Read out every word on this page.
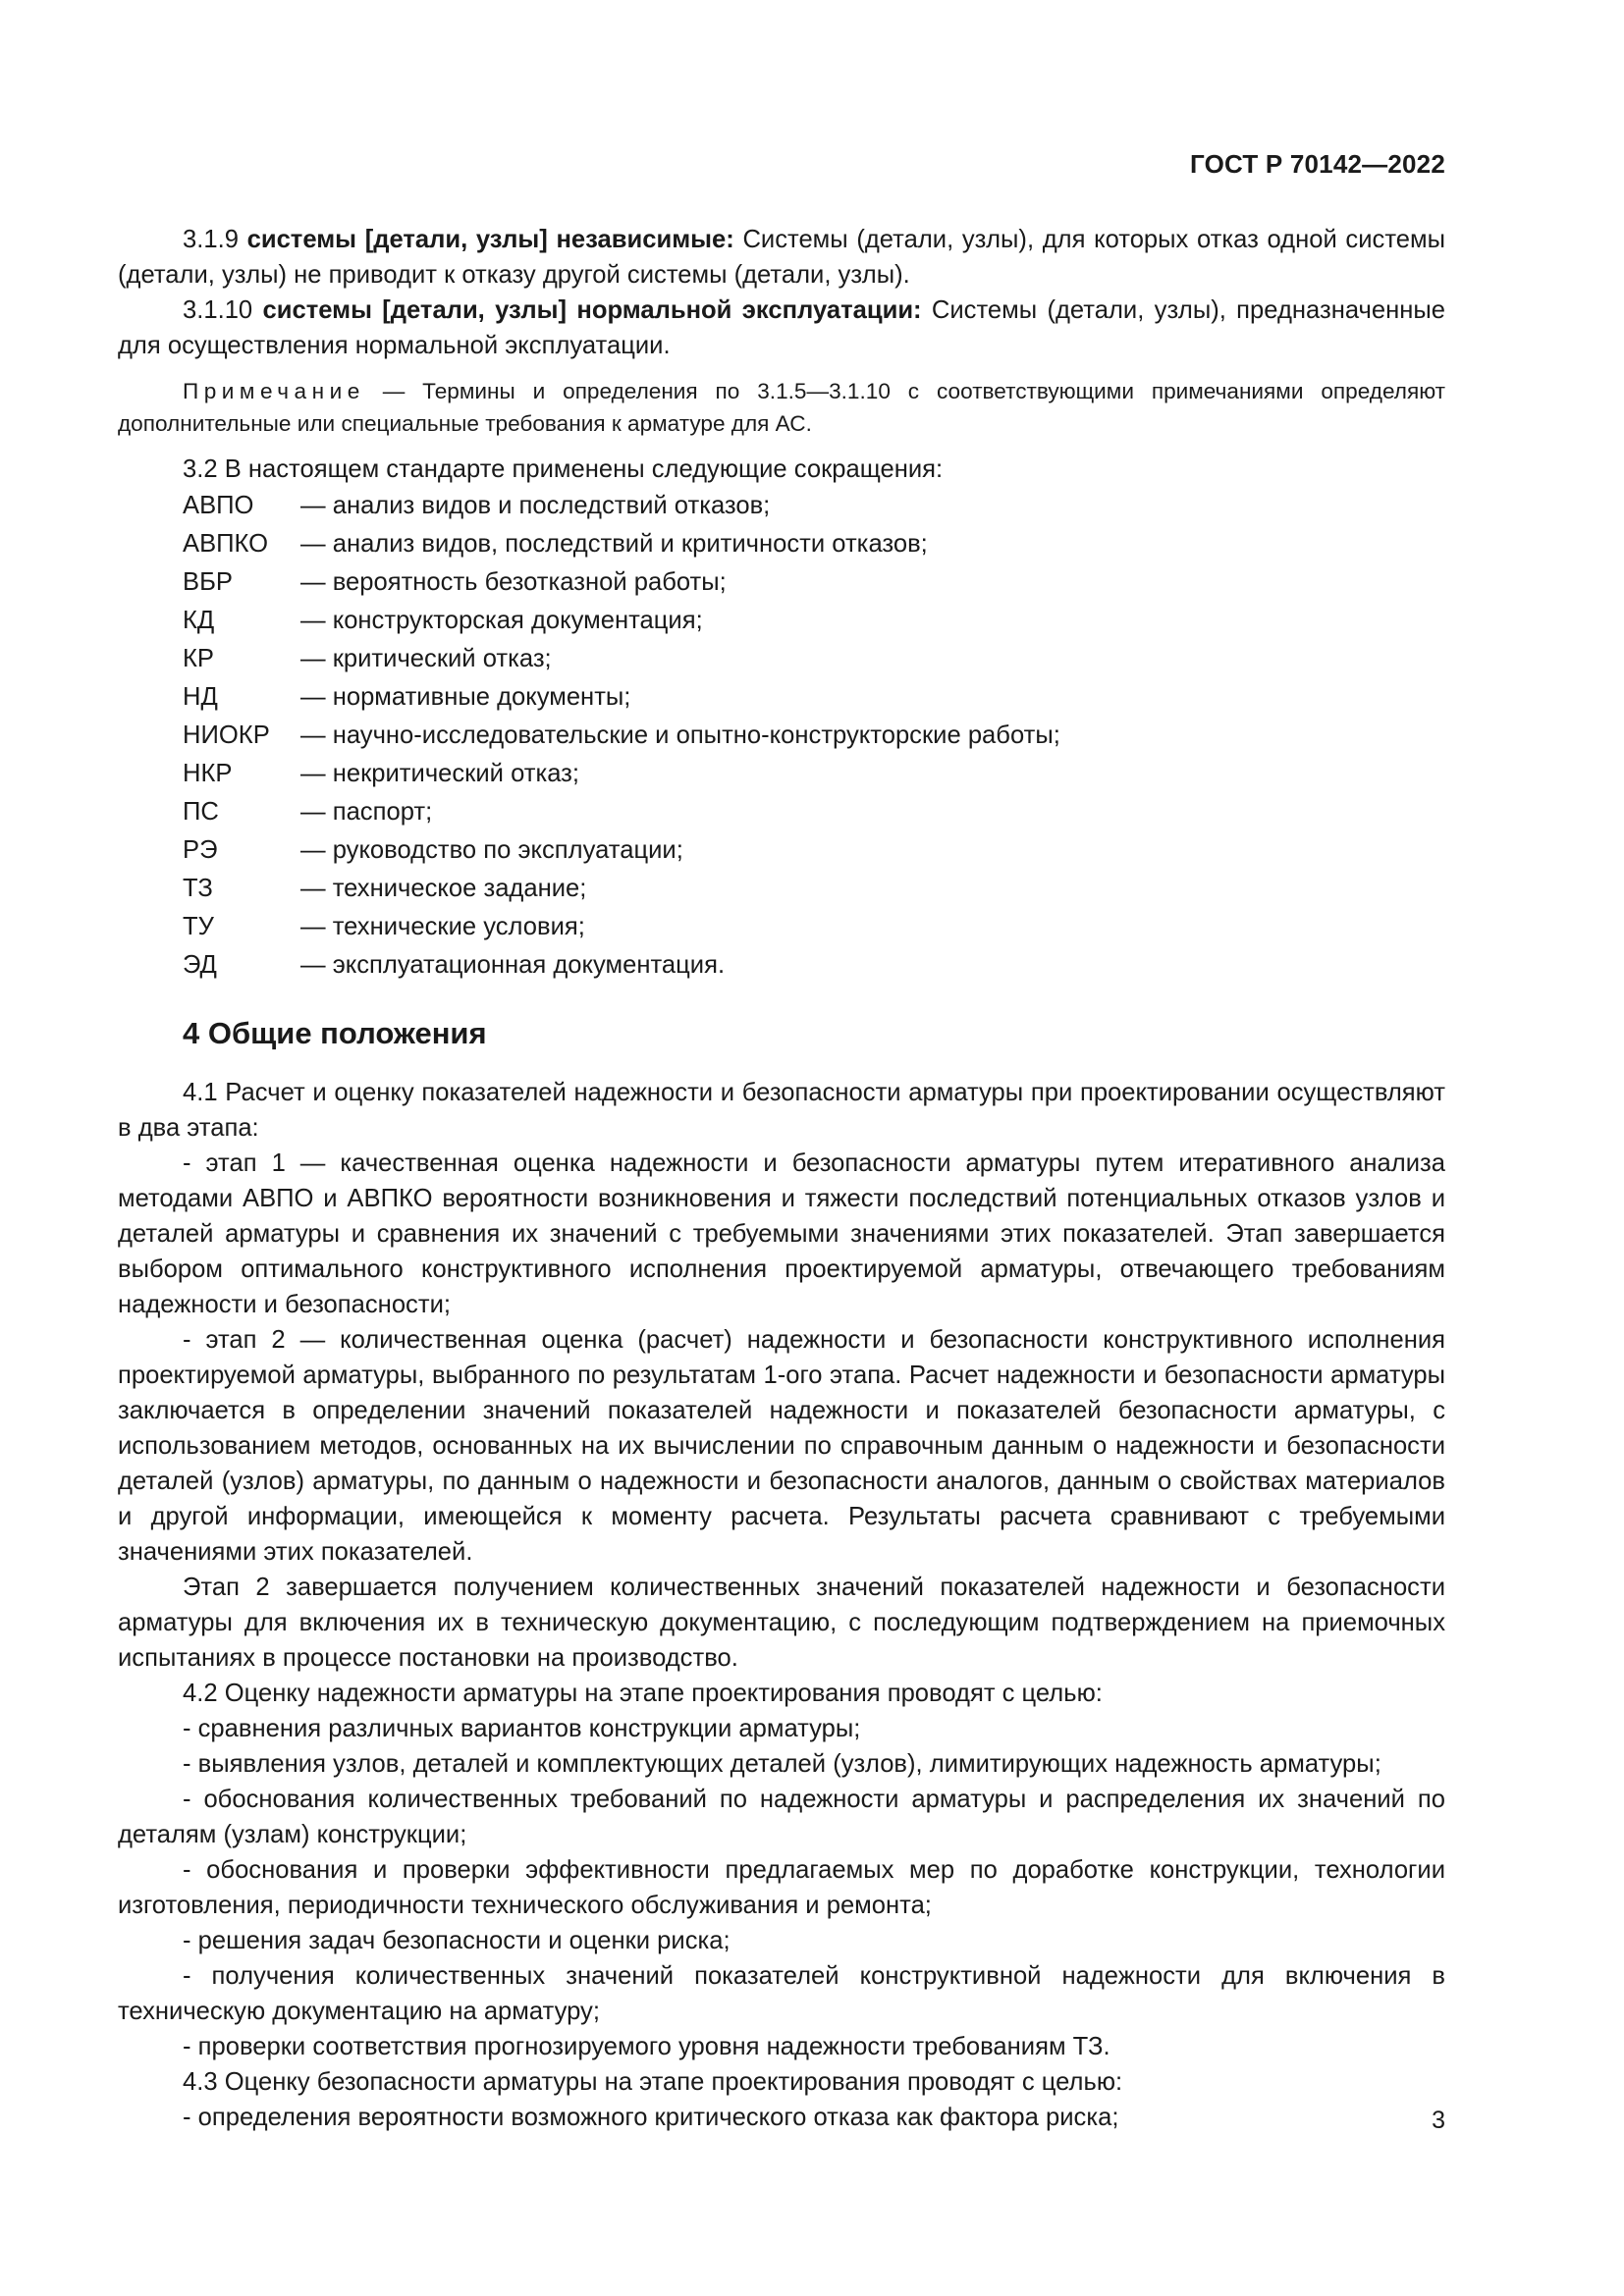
ГОСТ Р 70142—2022

3.1.9 системы [детали, узлы] независимые: Системы (детали, узлы), для которых отказ одной системы (детали, узлы) не приводит к отказу другой системы (детали, узлы).

3.1.10 системы [детали, узлы] нормальной эксплуатации: Системы (детали, узлы), предназначенные для осуществления нормальной эксплуатации.

Примечание — Термины и определения по 3.1.5—3.1.10 с соответствующими примечаниями определяют дополнительные или специальные требования к арматуре для АС.

3.2 В настоящем стандарте применены следующие сокращения:

АВПО	— анализ видов и последствий отказов;
АВПКО	— анализ видов, последствий и критичности отказов;
ВБР	— вероятность безотказной работы;
КД	— конструкторская документация;
КР	— критический отказ;
НД	— нормативные документы;
НИОКР	— научно-исследовательские и опытно-конструкторские работы;
НКР	— некритический отказ;
ПС	— паспорт;
РЭ	— руководство по эксплуатации;
ТЗ	— техническое задание;
ТУ	— технические условия;
ЭД	— эксплуатационная документация.

4 Общие положения

4.1 Расчет и оценку показателей надежности и безопасности арматуры при проектировании осуществляют в два этапа:

- этап 1 — качественная оценка надежности и безопасности арматуры путем итеративного анализа методами АВПО и АВПКО вероятности возникновения и тяжести последствий потенциальных отказов узлов и деталей арматуры и сравнения их значений с требуемыми значениями этих показателей. Этап завершается выбором оптимального конструктивного исполнения проектируемой арматуры, отвечающего требованиям надежности и безопасности;

- этап 2 — количественная оценка (расчет) надежности и безопасности конструктивного исполнения проектируемой арматуры, выбранного по результатам 1-ого этапа. Расчет надежности и безопасности арматуры заключается в определении значений показателей надежности и показателей безопасности арматуры, с использованием методов, основанных на их вычислении по справочным данным о надежности и безопасности деталей (узлов) арматуры, по данным о надежности и безопасности аналогов, данным о свойствах материалов и другой информации, имеющейся к моменту расчета. Результаты расчета сравнивают с требуемыми значениями этих показателей.

Этап 2 завершается получением количественных значений показателей надежности и безопасности арматуры для включения их в техническую документацию, с последующим подтверждением на приемочных испытаниях в процессе постановки на производство.

4.2 Оценку надежности арматуры на этапе проектирования проводят с целью:

- сравнения различных вариантов конструкции арматуры;

- выявления узлов, деталей и комплектующих деталей (узлов), лимитирующих надежность арматуры;

- обоснования количественных требований по надежности арматуры и распределения их значений по деталям (узлам) конструкции;

- обоснования и проверки эффективности предлагаемых мер по доработке конструкции, технологии изготовления, периодичности технического обслуживания и ремонта;

- решения задач безопасности и оценки риска;

- получения количественных значений показателей конструктивной надежности для включения в техническую документацию на арматуру;

- проверки соответствия прогнозируемого уровня надежности требованиям ТЗ.

4.3 Оценку безопасности арматуры на этапе проектирования проводят с целью:

- определения вероятности возможного критического отказа как фактора риска;	3
